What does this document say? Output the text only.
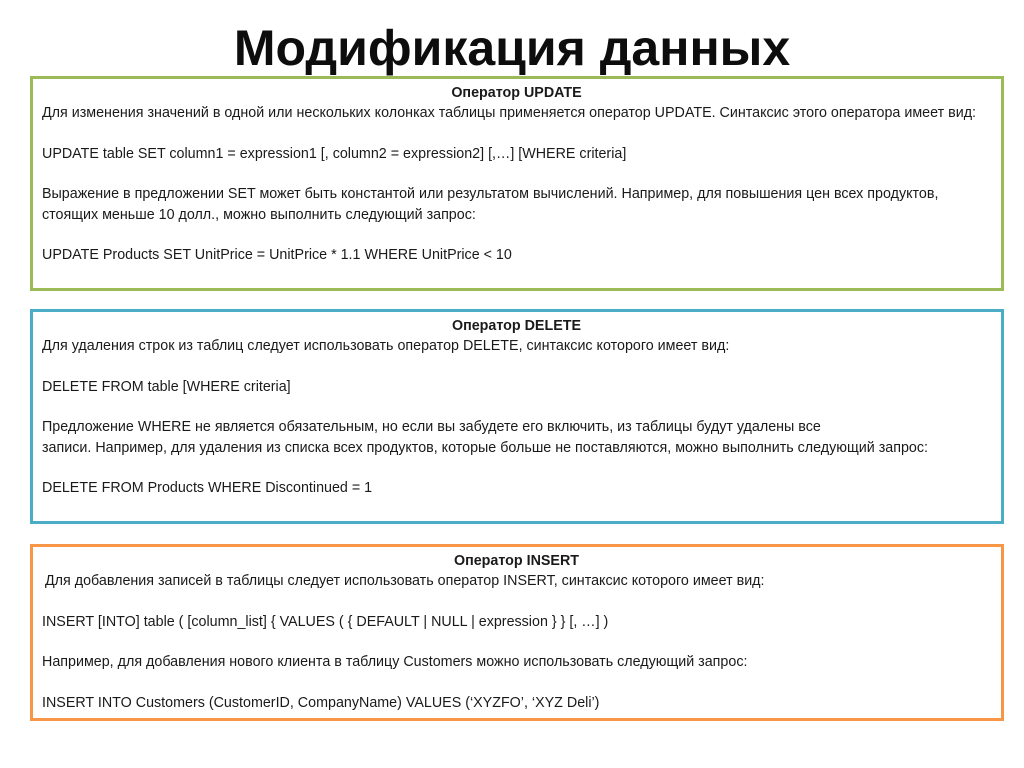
Модификация данных
Оператор UPDATE

Для изменения значений в одной или нескольких колонках таблицы применяется оператор UPDATE. Синтаксис этого оператора имеет вид:

UPDATE table SET column1 = expression1 [, column2 = expression2] [,…] [WHERE criteria]

Выражение в предложении SET может быть константой или результатом вычислений. Например, для повышения цен всех продуктов, стоящих меньше 10 долл., можно выполнить следующий запрос:

UPDATE Products SET UnitPrice = UnitPrice * 1.1 WHERE UnitPrice < 10

Оператор DELETE

Для удаления строк из таблиц следует использовать оператор DELETE, синтаксис которого имеет вид:

DELETE FROM table [WHERE criteria]

Предложение WHERE не является обязательным, но если вы забудете его включить, из таблицы будут удалены все

записи. Например, для удаления из списка всех продуктов, которые больше не поставляются, можно выполнить следующий запрос:

DELETE FROM Products WHERE Discontinued = 1

Оператор INSERT

Для добавления записей в таблицы следует использовать оператор INSERT, синтаксис которого имеет вид:

INSERT [INTO] table ( [column_list] { VALUES ( { DEFAULT | NULL | expression } } [, …] )

Например, для добавления нового клиента в таблицу Customers можно использовать следующий запрос:

INSERT INTO Customers (CustomerID, CompanyName) VALUES (‘XYZFO’, ‘XYZ Deli’)
